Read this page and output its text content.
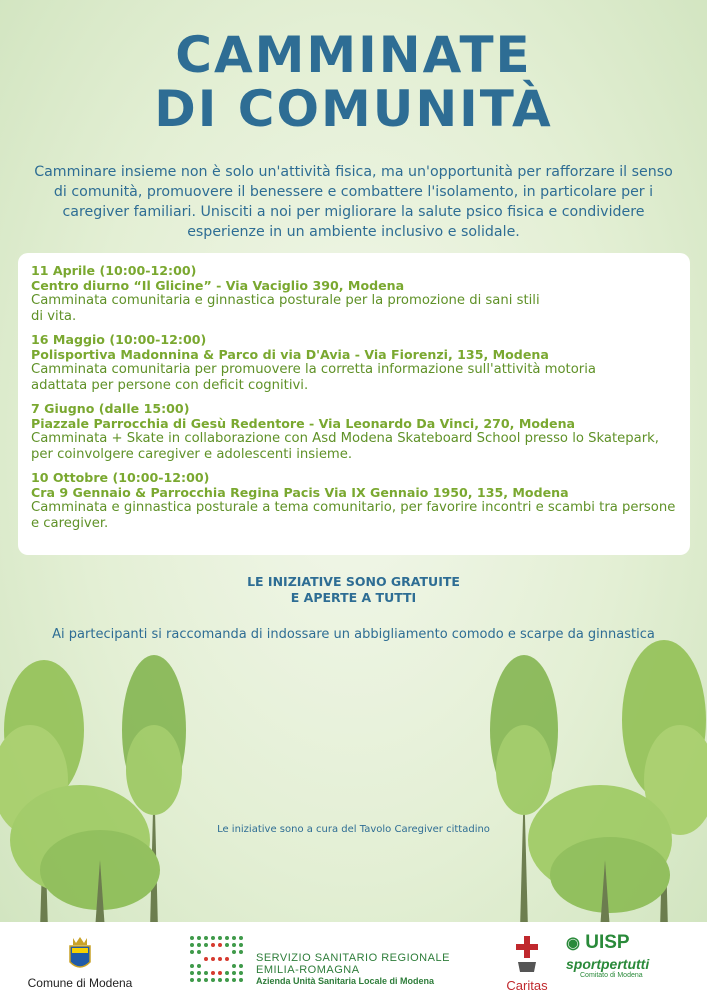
CAMMINATE
DI COMUNITÀ

Camminare insieme non è solo un'attività fisica, ma un'opportunità per rafforzare il senso di comunità, promuovere il benessere e combattere l'isolamento, in particolare per i caregiver familiari. Unisciti a noi per migliorare la salute psico fisica e condividere esperienze in un ambiente inclusivo e solidale.

11 Aprile (10:00-12:00)
Centro diurno “Il Glicine” - Via Vaciglio 390, Modena
Camminata comunitaria e ginnastica posturale per la promozione di sani stili di vita.
16 Maggio (10:00-12:00)
Polisportiva Madonnina & Parco di via D'Avia - Via Fiorenzi, 135, Modena
Camminata comunitaria per promuovere la corretta informazione sull'attività motoria adattata per persone con deficit cognitivi.
7 Giugno (dalle 15:00)
Piazzale Parrocchia di Gesù Redentore - Via Leonardo Da Vinci, 270, Modena
Camminata + Skate in collaborazione con Asd Modena Skateboard School presso lo Skatepark, per coinvolgere caregiver e adolescenti insieme.
10 Ottobre (10:00-12:00)
Cra 9 Gennaio & Parrocchia Regina Pacis Via IX Gennaio 1950, 135, Modena
Camminata e ginnastica posturale a tema comunitario, per favorire incontri e scambi tra persone e caregiver.
LE INIZIATIVE SONO GRATUITE
E APERTE A TUTTI

Ai partecipanti si raccomanda di indossare un abbigliamento comodo e scarpe da ginnastica

Le iniziative sono a cura del Tavolo Caregiver cittadino

Comune di Modena
SERVIZIO SANITARIO REGIONALE
EMILIA-ROMAGNA
Azienda Unità Sanitaria Locale di Modena	Caritas
◉ UISP
sportpertutti
Comitato di Modena
